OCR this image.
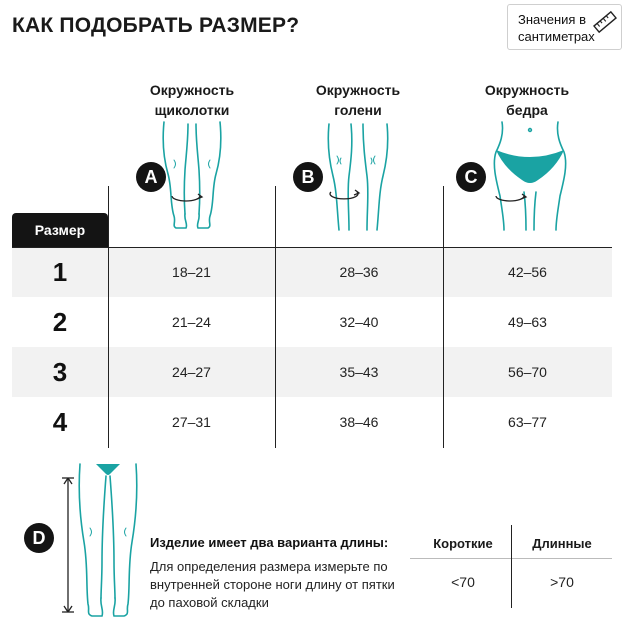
КАК ПОДОБРАТЬ РАЗМЕР?	Значения в сантиметрах
Окружность
щиколотки
Окружность
голени
Окружность
бедра
A	B	C
Размер
1	18–21	28–36	42–56
2	21–24	32–40	49–63
3	24–27	35–43	56–70
4	27–31	38–46	63–77
D	Изделие имеет два варианта длины:
Для определения размера измерьте по внутренней стороне ноги длину от пятки до паховой складки
Короткие	Длинные
<70	>70
